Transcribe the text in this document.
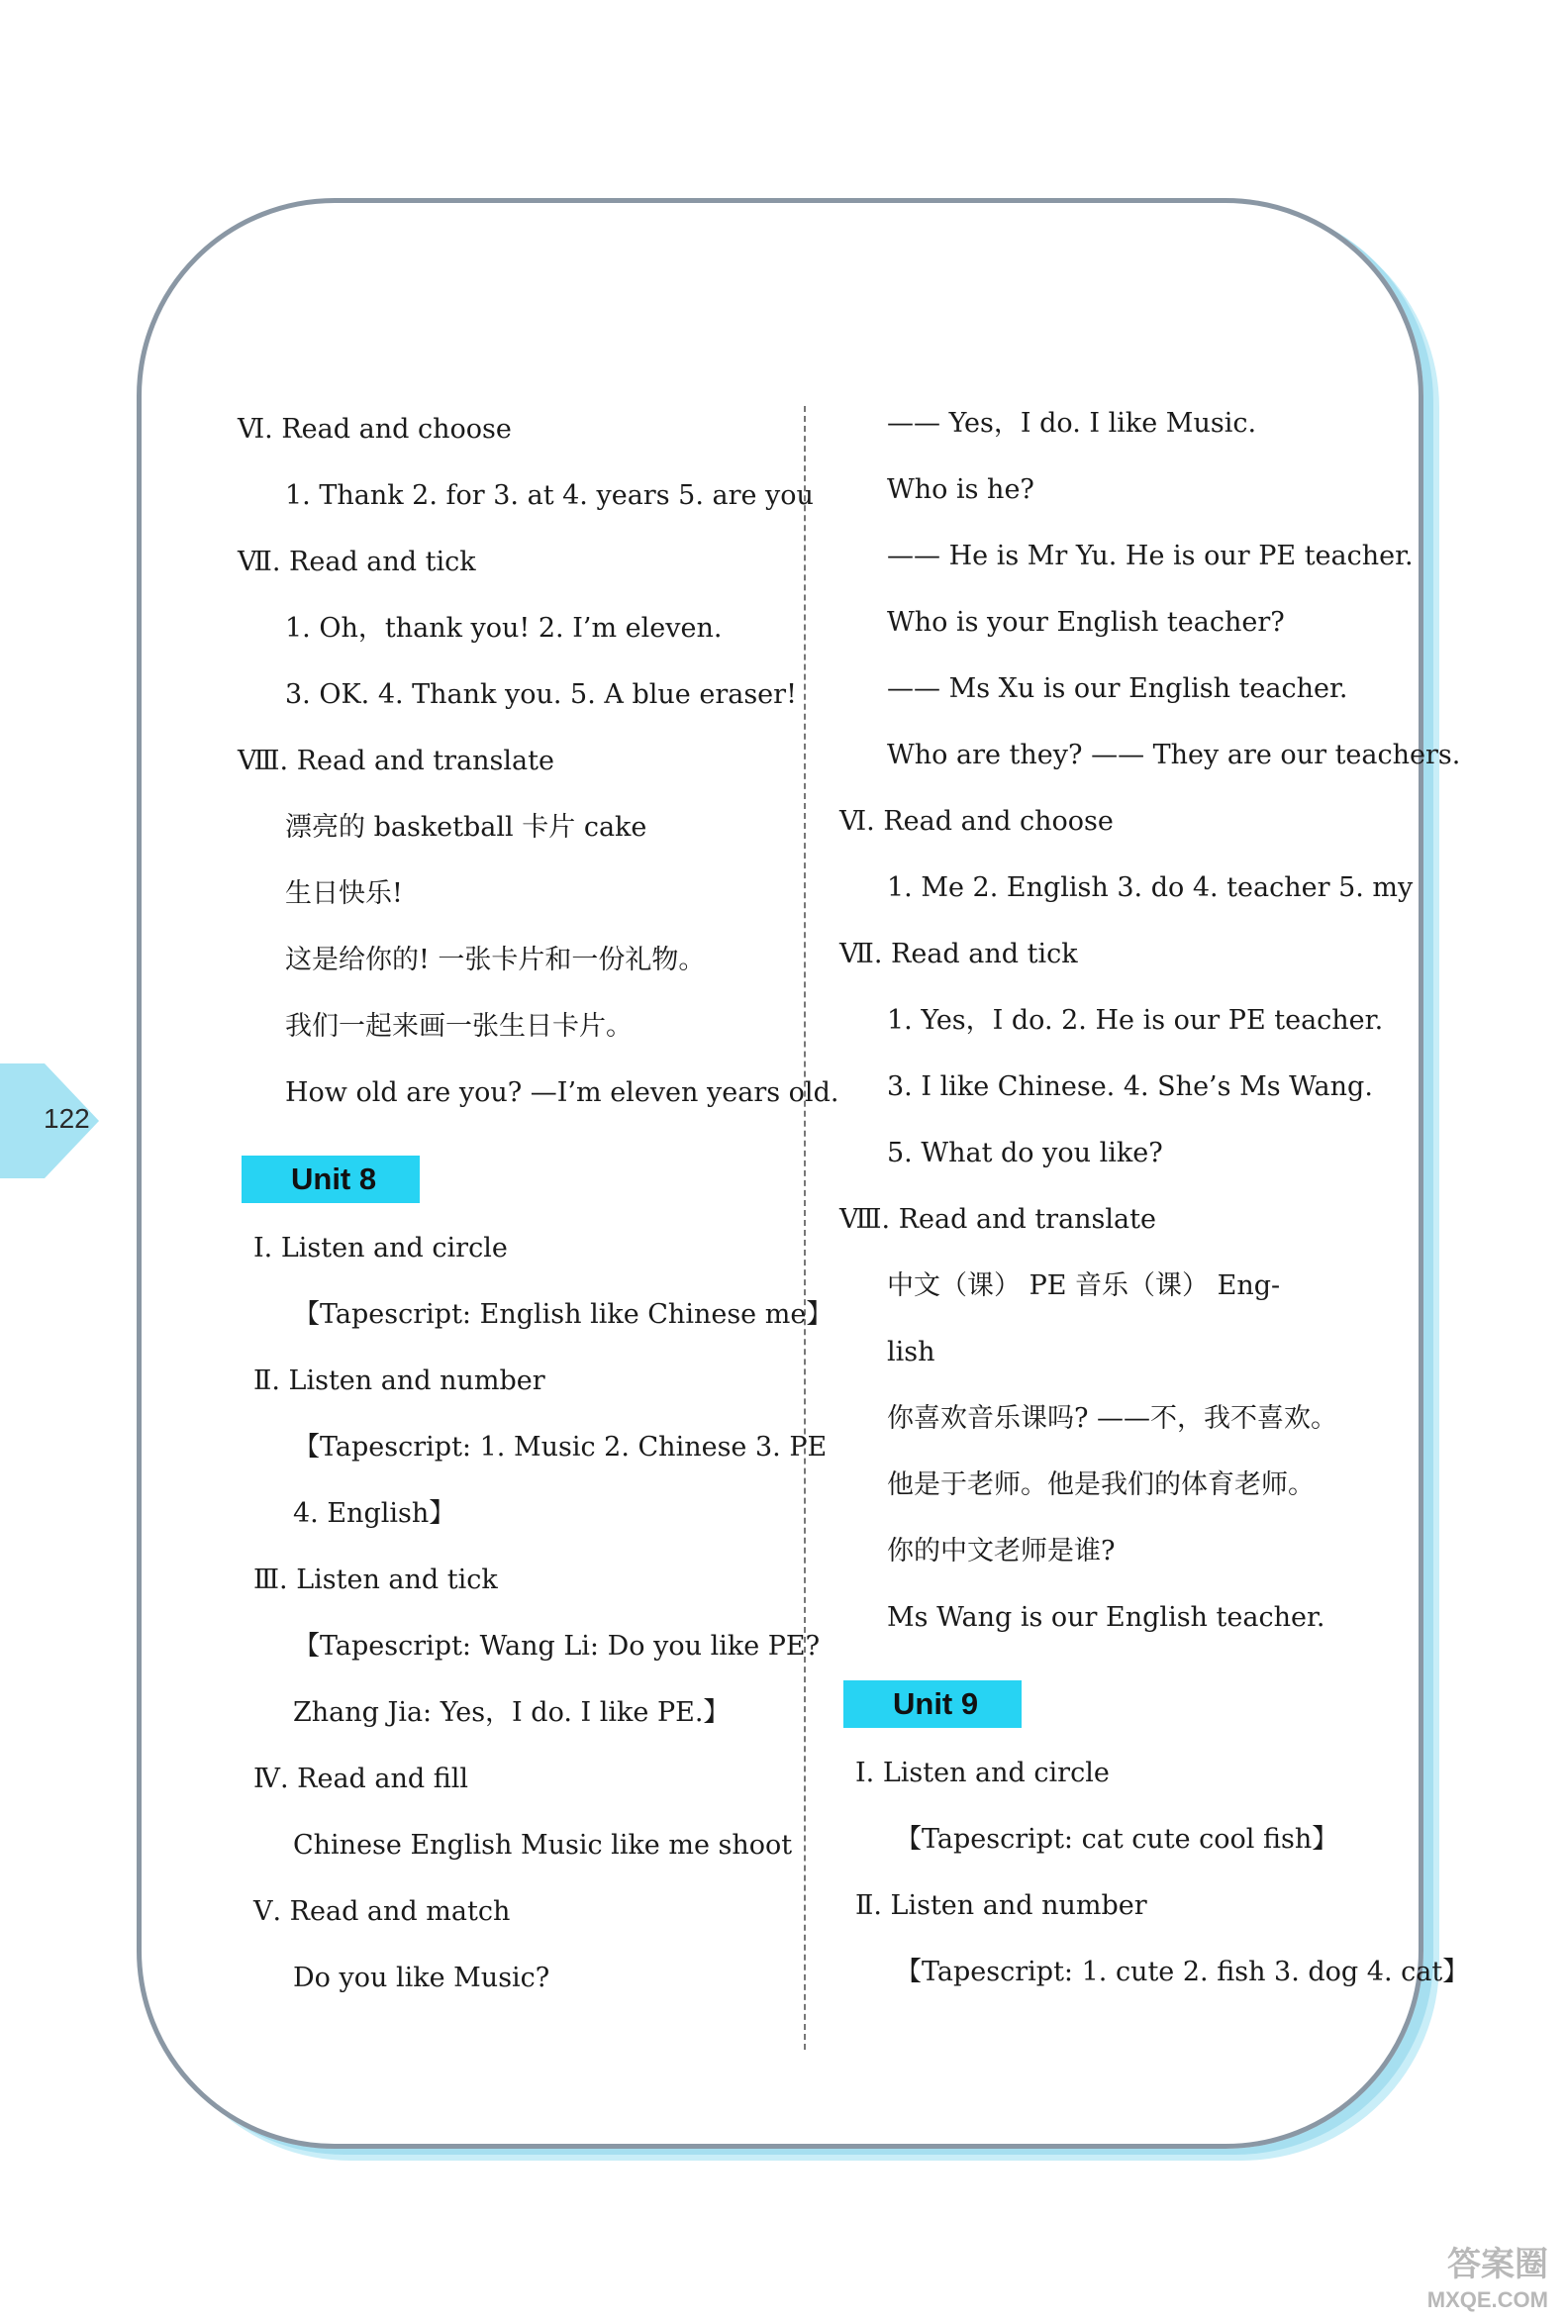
122

Ⅵ. Read and choose

1. Thank 2. for 3. at 4. years 5. are you

Ⅶ. Read and tick

1. Oh，thank you! 2. I’m eleven.

3. OK. 4. Thank you. 5. A blue eraser!

Ⅷ. Read and translate

漂亮的 basketball 卡片 cake

生日快乐!

这是给你的! 一张卡片和一份礼物。

我们一起来画一张生日卡片。

How old are you? —I’m eleven years old.

Unit 8

Ⅰ. Listen and circle

【Tapescript: English like Chinese me】

Ⅱ. Listen and number

【Tapescript: 1. Music 2. Chinese 3. PE

4. English】

Ⅲ. Listen and tick

【Tapescript: Wang Li: Do you like PE?

Zhang Jia: Yes，I do. I like PE.】

Ⅳ. Read and fill

Chinese English Music like me shoot

Ⅴ. Read and match

Do you like Music?

—— Yes，I do. I like Music.

Who is he?

—— He is Mr Yu. He is our PE teacher.

Who is your English teacher?

—— Ms Xu is our English teacher.

Who are they? —— They are our teachers.

Ⅵ. Read and choose

1. Me 2. English 3. do 4. teacher 5. my

Ⅶ. Read and tick

1. Yes，I do. 2. He is our PE teacher.

3. I like Chinese. 4. She’s Ms Wang.

5. What do you like?

Ⅷ. Read and translate

中文（课） PE 音乐（课） Eng-

lish

你喜欢音乐课吗? ——不，我不喜欢。

他是于老师。他是我们的体育老师。

你的中文老师是谁?

Ms Wang is our English teacher.

Unit 9

Ⅰ. Listen and circle

【Tapescript: cat cute cool fish】

Ⅱ. Listen and number

【Tapescript: 1. cute 2. fish 3. dog 4. cat】

答案圈
MXQE.COM
